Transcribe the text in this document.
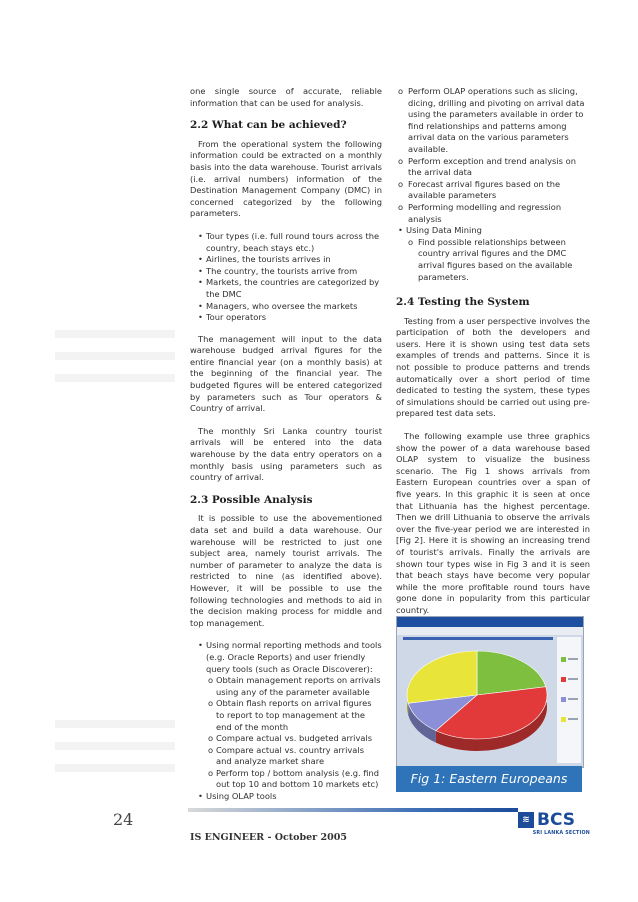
one single source of accurate, reliable information that can be used for analysis.

2.2 What can be achieved?

From the operational system the following information could be extracted on a monthly basis into the data warehouse. Tourist arrivals (i.e. arrival numbers) information of the Destination Management Company (DMC) in concerned categorized by the following parameters.

• Tour types (i.e. full round tours across the country, beach stays etc.)
• Airlines, the tourists arrives in
• The country, the tourists arrive from
• Markets, the countries are categorized by the DMC
• Managers, who oversee the markets
• Tour operators

The management will input to the data warehouse budged arrival figures for the entire financial year (on a monthly basis) at the beginning of the financial year. The budgeted figures will be entered categorized by parameters such as Tour operators & Country of arrival.

The monthly Sri Lanka country tourist arrivals will be entered into the data warehouse by the data entry operators on a monthly basis using parameters such as country of arrival.

2.3 Possible Analysis

It is possible to use the abovementioned data set and build a data warehouse. Our warehouse will be restricted to just one subject area, namely tourist arrivals. The number of parameter to analyze the data is restricted to nine (as identified above). However, it will be possible to use the following technologies and methods to aid in the decision making process for middle and top management.

• Using normal reporting methods and tools (e.g. Oracle Reports) and user friendly query tools (such as Oracle Discoverer):
o Obtain management reports on arrivals using any of the parameter available
o Obtain flash reports on arrival figures to report to top management at the end of the month
o Compare actual vs. budgeted arrivals
o Compare actual vs. country arrivals and analyze market share
o Perform top / bottom analysis (e.g. find out top 10 and bottom 10 markets etc)
• Using OLAP tools
o Perform OLAP operations such as slicing, dicing, drilling and pivoting on arrival data using the parameters available in order to find relationships and patterns among arrival data on the various parameters available.
o Perform exception and trend analysis on the arrival data
o Forecast arrival figures based on the available parameters
o Performing modelling and regression analysis
• Using Data Mining
o Find possible relationships between country arrival figures and the DMC arrival figures based on the available parameters.
2.4 Testing the System

Testing from a user perspective involves the participation of both the developers and users. Here it is shown using test data sets examples of trends and patterns. Since it is not possible to produce patterns and trends automatically over a short period of time dedicated to testing the system, these types of simulations should be carried out using pre-prepared test data sets.

The following example use three graphics show the power of a data warehouse based OLAP system to visualize the business scenario. The Fig 1 shows arrivals from Eastern European countries over a span of five years. In this graphic it is seen at once that Lithuania has the highest percentage. Then we drill Lithuania to observe the arrivals over the five-year period we are interested in [Fig 2]. Here it is showing an increasing trend of tourist's arrivals. Finally the arrivals are shown tour types wise in Fig 3 and it is seen that beach stays have become very popular while the more profitable round tours have gone done in popularity from this particular country.

Fig 1: Eastern Europeans
24
IS ENGINEER - October 2005
≋ BCS
SRI LANKA SECTION
